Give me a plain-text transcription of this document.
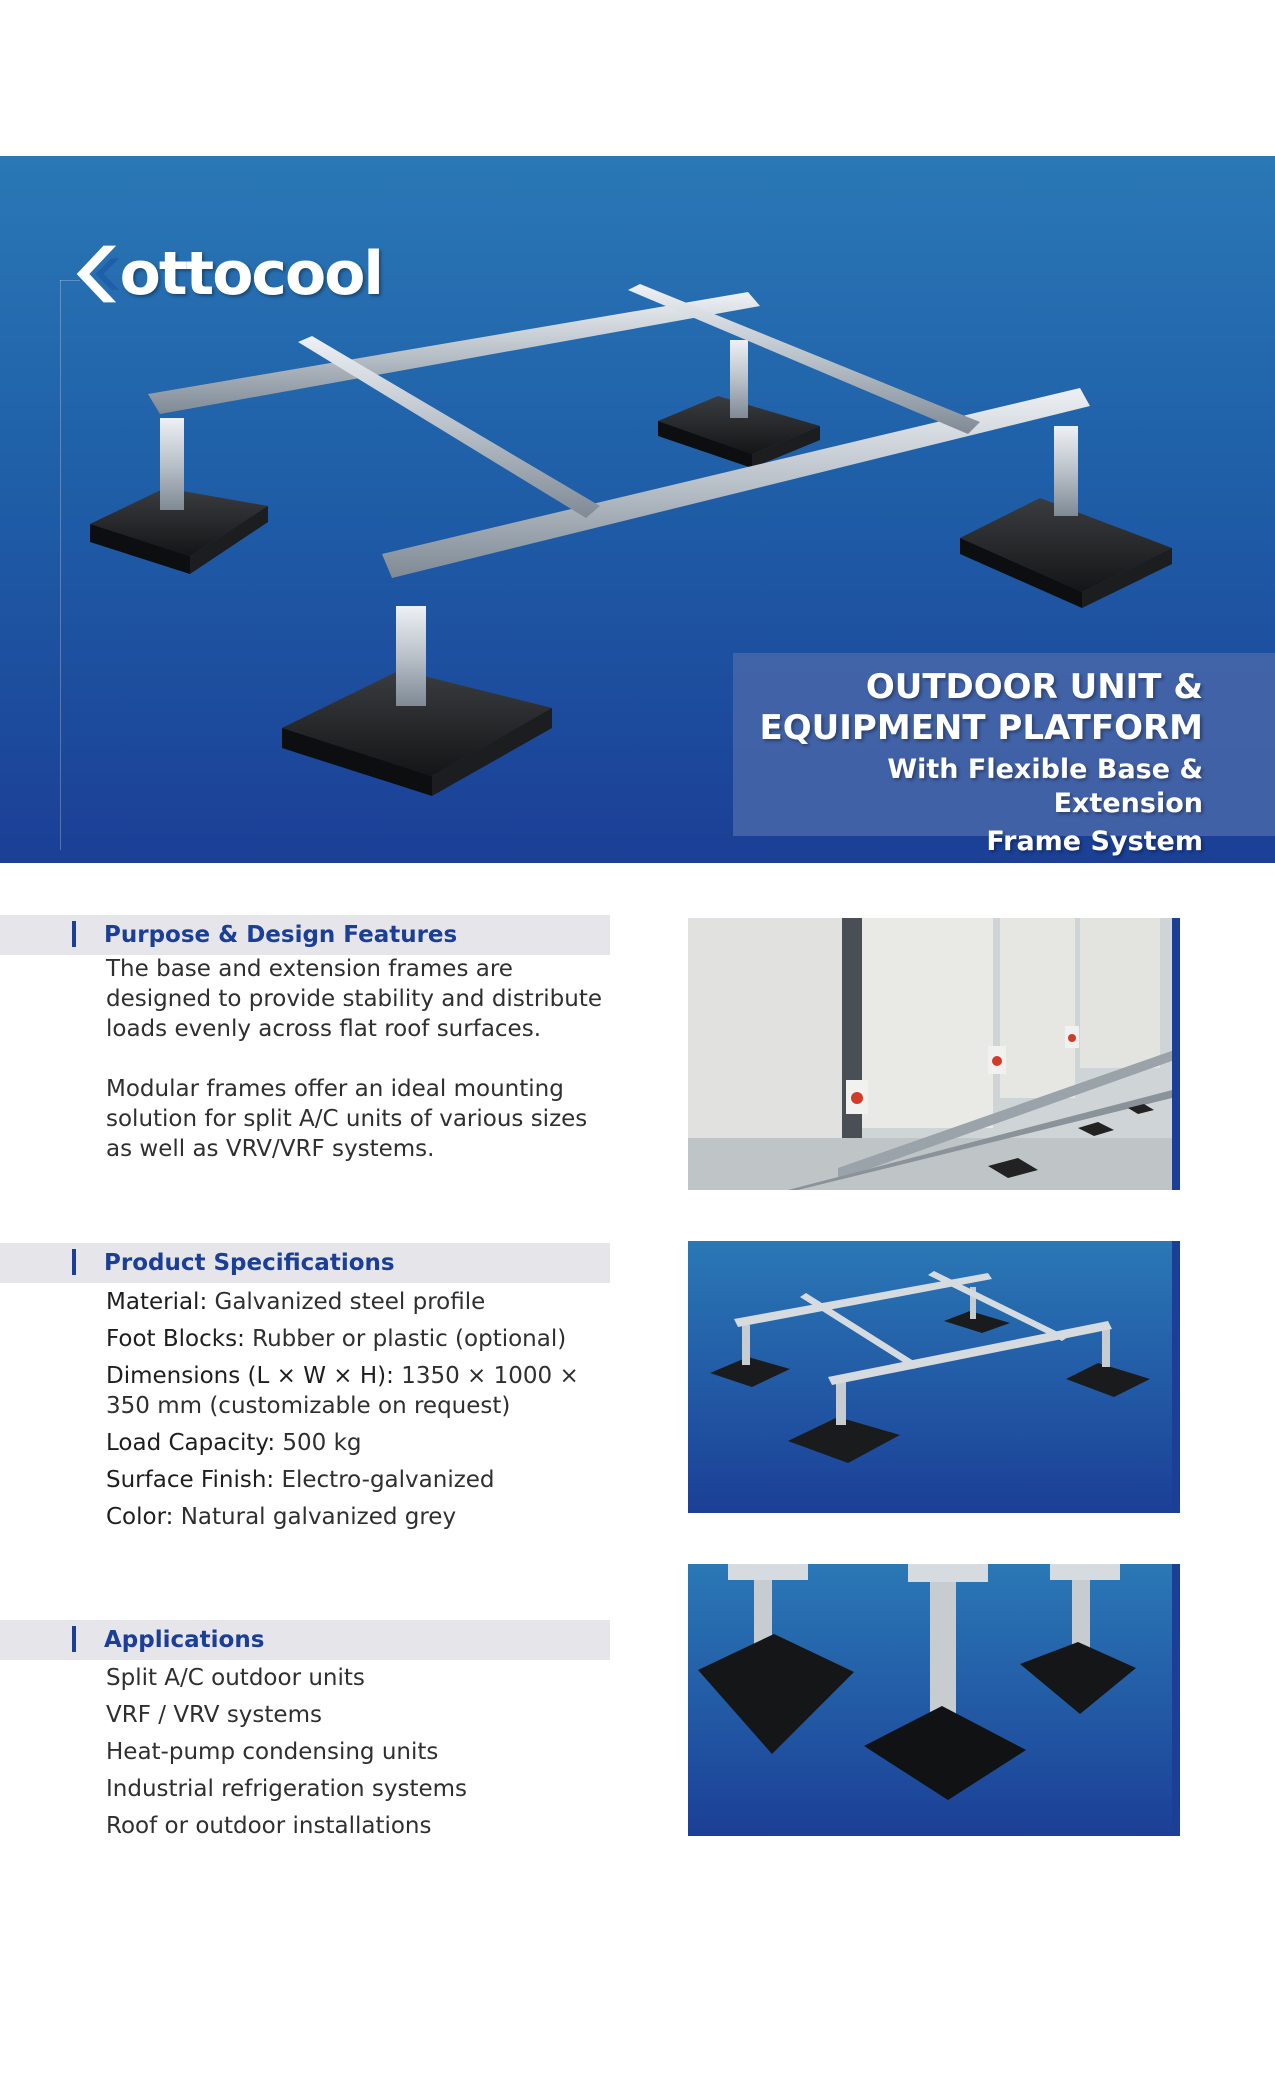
ottocool
OUTDOOR UNIT &
EQUIPMENT PLATFORM
With Flexible Base & Extension
Frame System
Purpose & Design Features

The base and extension frames are designed to provide stability and distribute loads evenly across flat roof surfaces.

Modular frames offer an ideal mounting solution for split A/C units of various sizes as well as VRV/VRF systems.

Product Specifications
Material: Galvanized steel profile
Foot Blocks: Rubber or plastic (optional)
Dimensions (L × W × H): 1350 × 1000 × 350 mm (customizable on request)
Load Capacity: 500 kg
Surface Finish: Electro-galvanized
Color: Natural galvanized grey
Applications
Split A/C outdoor units
VRF / VRV systems
Heat-pump condensing units
Industrial refrigeration systems
Roof or outdoor installations
